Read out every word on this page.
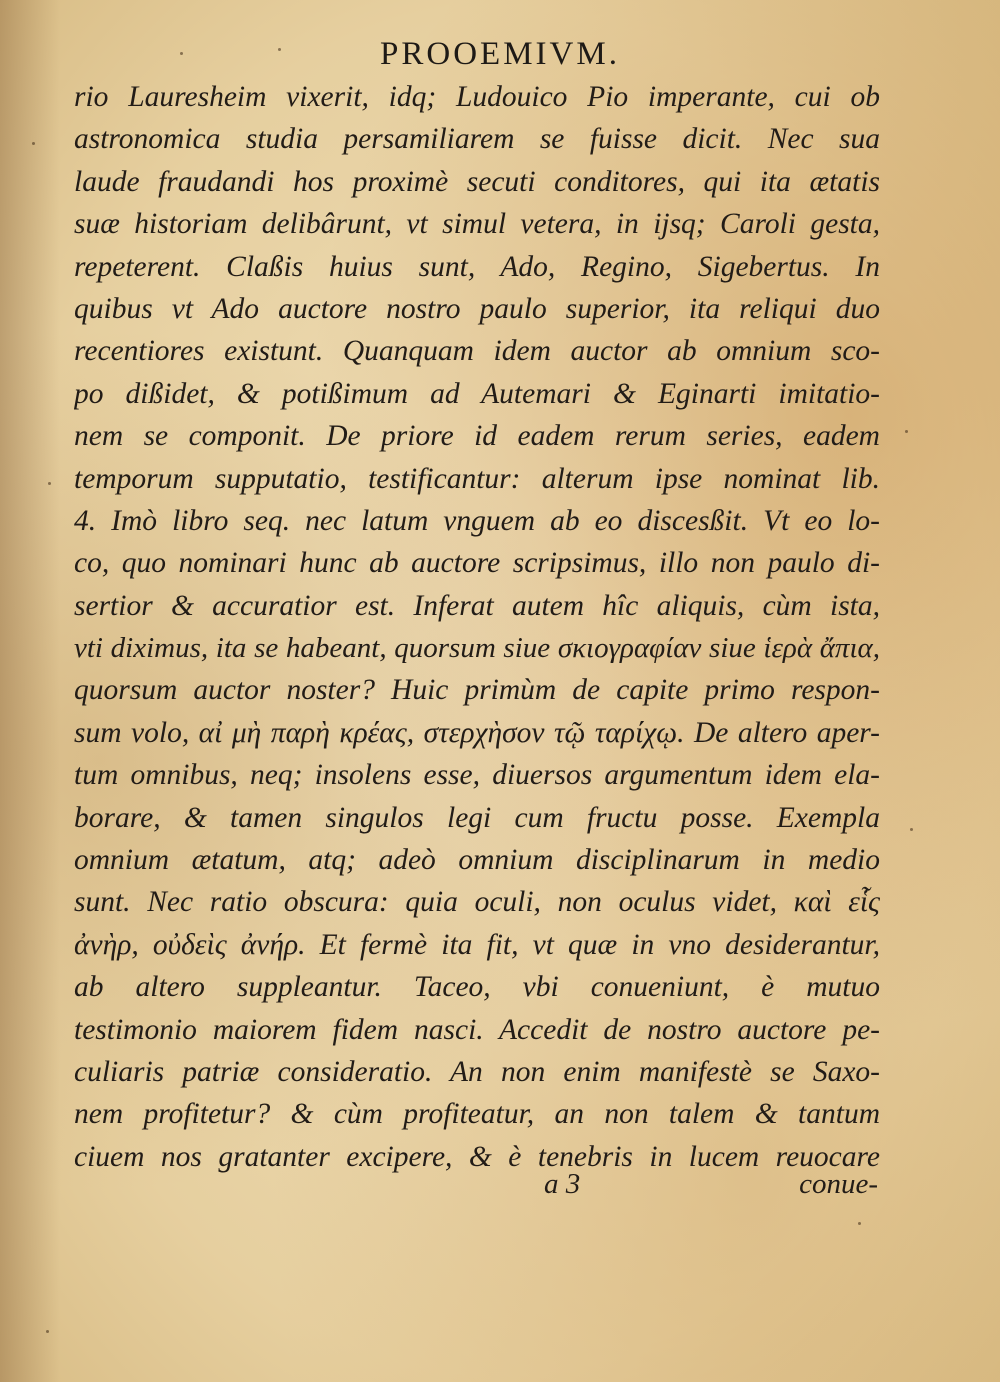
PROOEMIVM.
rio Lauresheim vixerit, idq; Ludouico Pio imperante, cui ob
astronomica studia persamiliarem se fuisse dicit. Nec sua
laude fraudandi hos proximè secuti conditores, qui ita ætatis
suæ historiam delibârunt, vt simul vetera, in ijsq; Caroli gesta,
repeterent. Claßis huius sunt, Ado, Regino, Sigebertus. In
quibus vt Ado auctore nostro paulo superior, ita reliqui duo
recentiores existunt. Quanquam idem auctor ab omnium sco-
po dißidet, & potißimum ad Autemari & Eginarti imitatio-
nem se componit. De priore id eadem rerum series, eadem
temporum supputatio, testificantur: alterum ipse nominat lib.
4. Imò libro seq. nec latum vnguem ab eo discesßit. Vt eo lo-
co, quo nominari hunc ab auctore scripsimus, illo non paulo di-
sertior & accuratior est. Inferat autem hîc aliquis, cùm ista,
vti diximus, ita se habeant, quorsum siue σκιογραφίαν siue ἱερὰ ἄπια,
quorsum auctor noster? Huic primùm de capite primo respon-
sum volo, αἰ μὴ παρὴ κρέας, στερχὴσον τῷ ταρίχῳ. De altero aper-
tum omnibus, neq; insolens esse, diuersos argumentum idem ela-
borare, & tamen singulos legi cum fructu posse. Exempla
omnium ætatum, atq; adeò omnium disciplinarum in medio
sunt. Nec ratio obscura: quia oculi, non oculus videt, καὶ εἷς
ἀνὴρ, οὐδεὶς ἀνήρ. Et fermè ita fit, vt quæ in vno desiderantur,
ab altero suppleantur. Taceo, vbi conueniunt, è mutuo
testimonio maiorem fidem nasci. Accedit de nostro auctore pe-
culiaris patriæ consideratio. An non enim manifestè se Saxo-
nem profitetur? & cùm profiteatur, an non talem & tantum
ciuem nos gratanter excipere, & è tenebris in lucem reuocare
a 3	conue-
